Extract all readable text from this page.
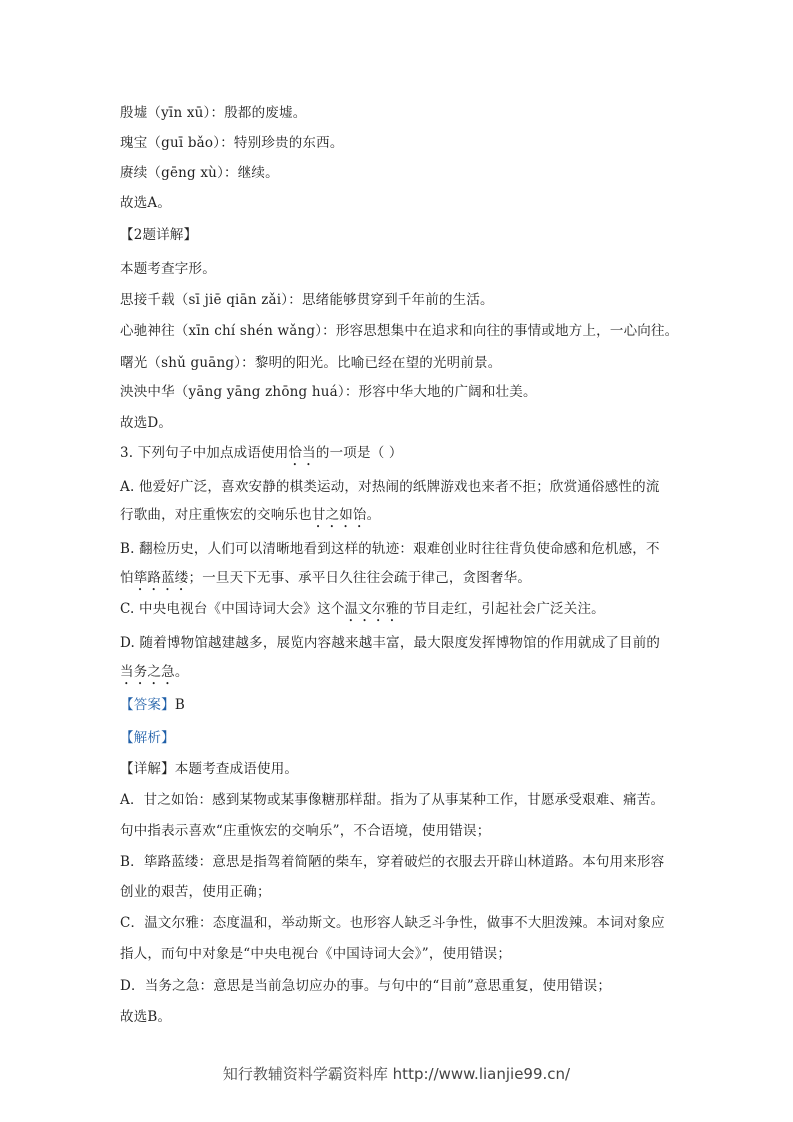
殷墟（yīn xū）：殷都的废墟。
瑰宝（guī bǎo）：特别珍贵的东西。
赓续（gēng xù）：继续。
故选A。
【2题详解】
本题考查字形。
思接千载（sī jiē qiān zǎi）：思绪能够贯穿到千年前的生活。
心驰神往（xīn chí shén wǎng）：形容思想集中在追求和向往的事情或地方上，一心向往。
曙光（shǔ guāng）：黎明的阳光。比喻已经在望的光明前景。
泱泱中华（yāng yāng zhōng huá）：形容中华大地的广阔和壮美。
故选D。
3. 下列句子中加点成语使用恰当的一项是（ ）
A. 他爱好广泛，喜欢安静的棋类运动，对热闹的纸牌游戏也来者不拒；欣赏通俗感性的流
行歌曲，对庄重恢宏的交响乐也甘之如饴。
B. 翻检历史，人们可以清晰地看到这样的轨迹：艰难创业时往往背负使命感和危机感，不
怕筚路蓝缕；一旦天下无事、承平日久往往会疏于律己，贪图奢华。
C. 中央电视台《中国诗词大会》这个温文尔雅的节目走红，引起社会广泛关注。
D. 随着博物馆越建越多，展览内容越来越丰富，最大限度发挥博物馆的作用就成了目前的
当务之急。
【答案】B
【解析】
【详解】本题考查成语使用。
A．甘之如饴：感到某物或某事像糖那样甜。指为了从事某种工作，甘愿承受艰难、痛苦。
句中指表示喜欢“庄重恢宏的交响乐”，不合语境，使用错误；
B．筚路蓝缕：意思是指驾着简陋的柴车，穿着破烂的衣服去开辟山林道路。本句用来形容
创业的艰苦，使用正确；
C．温文尔雅：态度温和，举动斯文。也形容人缺乏斗争性，做事不大胆泼辣。本词对象应
指人，而句中对象是“中央电视台《中国诗词大会》”，使用错误；
D．当务之急：意思是当前急切应办的事。与句中的“目前”意思重复，使用错误；
故选B。
知行教辅资料学霸资料库 http://www.lianjie99.cn/
